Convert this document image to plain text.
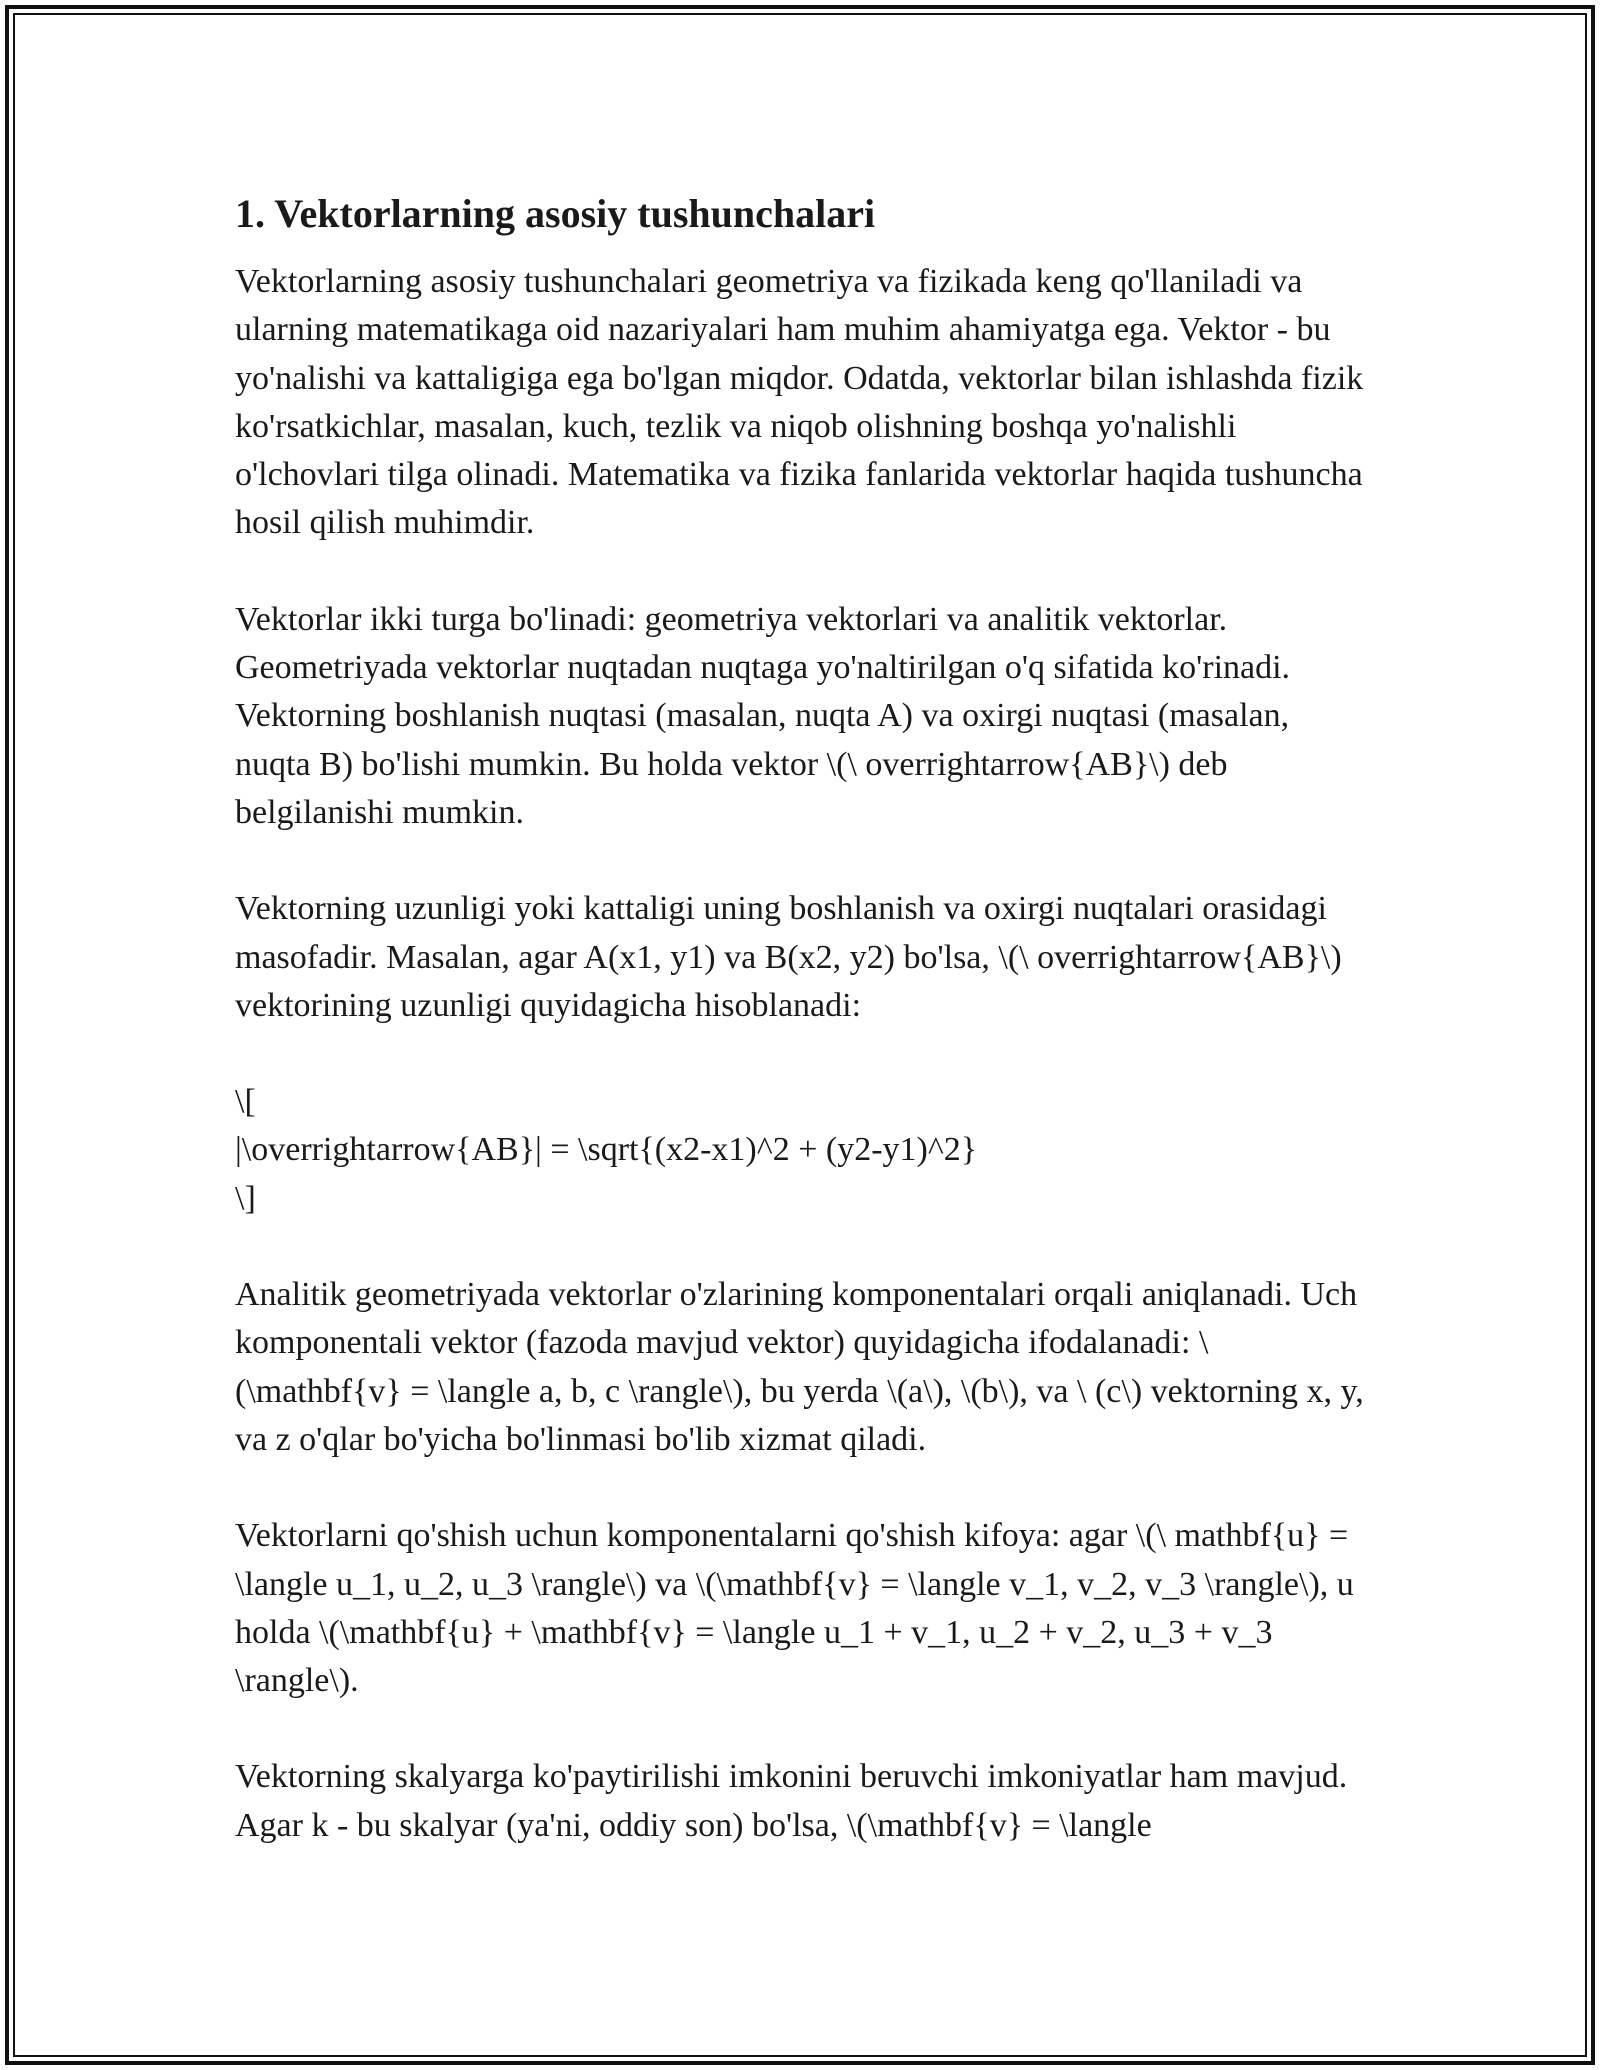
1. Vektorlarning asosiy tushunchalari

Vektorlarning asosiy tushunchalari geometriya va fizikada keng qo'llaniladi va ularning matematikaga oid nazariyalari ham muhim ahamiyatga ega. Vektor - bu yo'nalishi va kattaligiga ega bo'lgan miqdor. Odatda, vektorlar bilan ishlashda fizik ko'rsatkichlar, masalan, kuch, tezlik va niqob olishning boshqa yo'nalishli o'lchovlari tilga olinadi. Matematika va fizika fanlarida vektorlar haqida tushuncha hosil qilish muhimdir.

Vektorlar ikki turga bo'linadi: geometriya vektorlari va analitik vektorlar. Geometriyada vektorlar nuqtadan nuqtaga yo'naltirilgan o'q sifatida ko'rinadi. Vektorning boshlanish nuqtasi (masalan, nuqta A) va oxirgi nuqtasi (masalan, nuqta B) bo'lishi mumkin. Bu holda vektor \(\ overrightarrow{AB}\) deb belgilanishi mumkin.

Vektorning uzunligi yoki kattaligi uning boshlanish va oxirgi nuqtalari orasidagi masofadir. Masalan, agar A(x1, y1) va B(x2, y2) bo'lsa, \(\ overrightarrow{AB}\) vektorining uzunligi quyidagicha hisoblanadi:

\[
|\overrightarrow{AB}| = \sqrt{(x2-x1)^2 + (y2-y1)^2}
\]

Analitik geometriyada vektorlar o'zlarining komponentalari orqali aniqlanadi. Uch komponentali vektor (fazoda mavjud vektor) quyidagicha ifodalanadi: \(\mathbf{v} = \langle a, b, c \rangle\), bu yerda \(a\), \(b\), va \ (c\) vektorning x, y, va z o'qlar bo'yicha bo'linmasi bo'lib xizmat qiladi.

Vektorlarni qo'shish uchun komponentalarni qo'shish kifoya: agar \(\ mathbf{u} = \langle u_1, u_2, u_3 \rangle\) va \(\mathbf{v} = \langle v_1, v_2, v_3 \rangle\), u holda \(\mathbf{u} + \mathbf{v} = \langle u_1 + v_1, u_2 + v_2, u_3 + v_3 \rangle\).

Vektorning skalyarga ko'paytirilishi imkonini beruvchi imkoniyatlar ham mavjud. Agar k - bu skalyar (ya'ni, oddiy son) bo'lsa, \(\mathbf{v} = \langle
